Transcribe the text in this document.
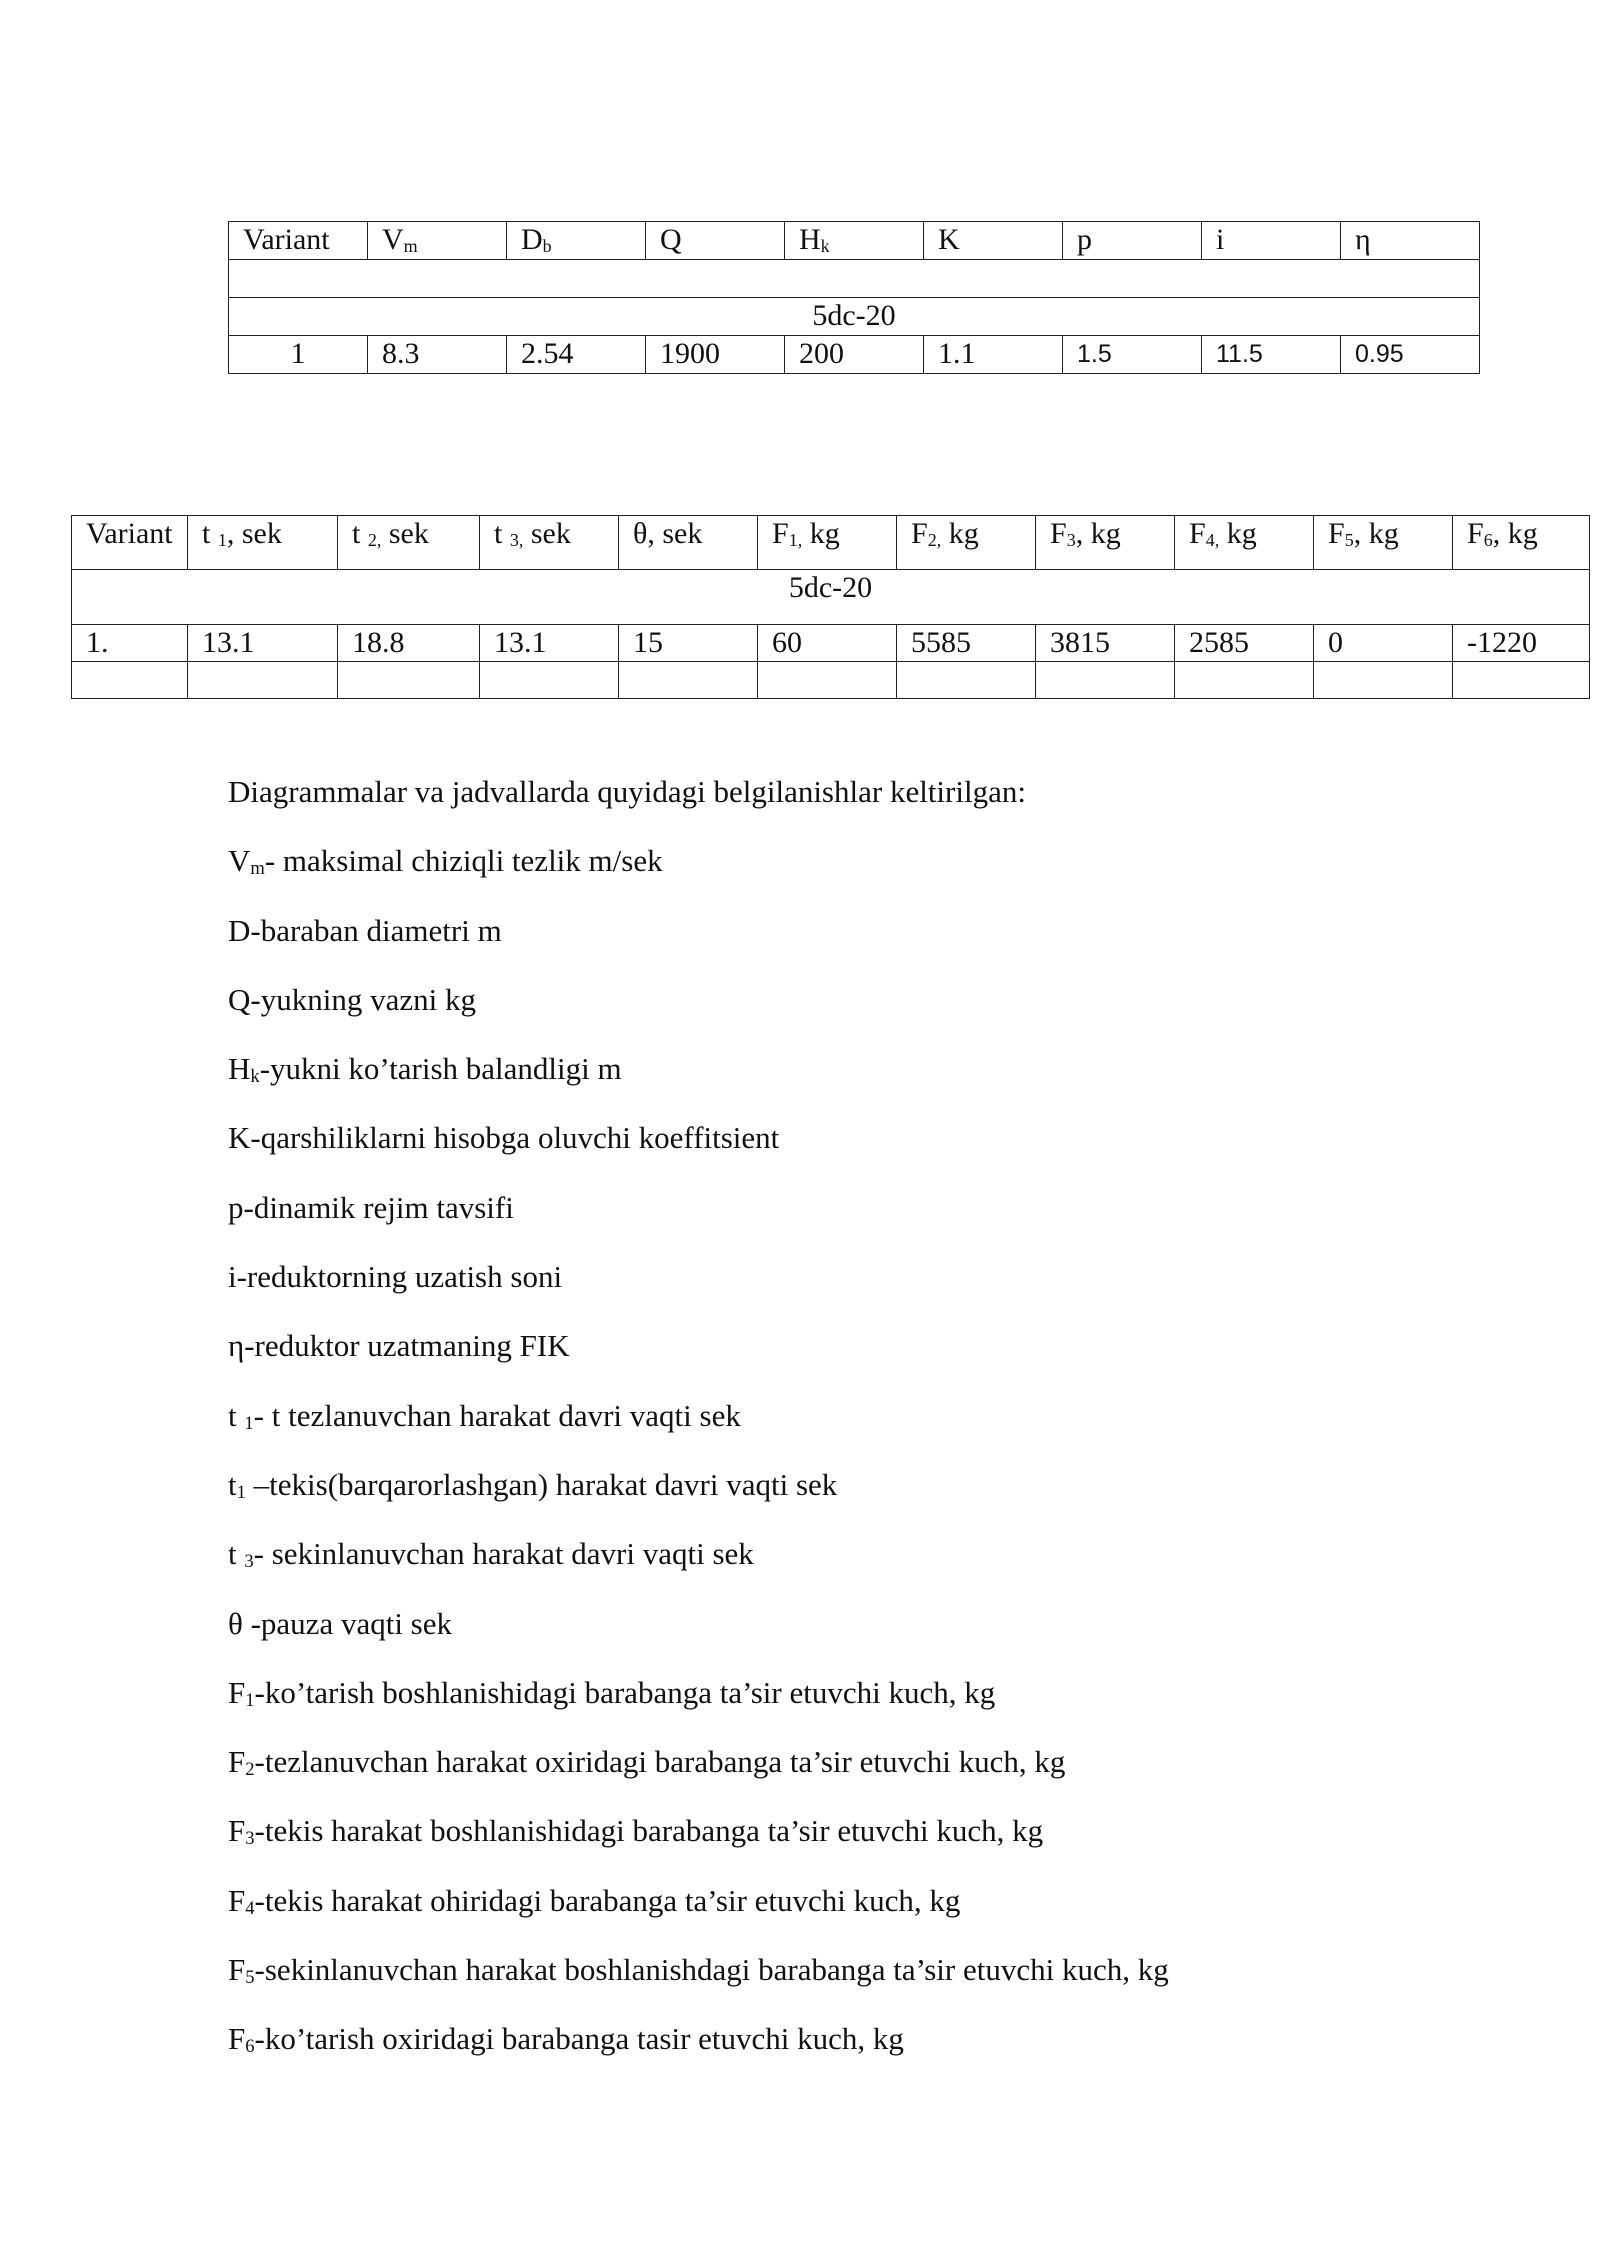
Variant	$V_m$	$D_b$	Q	$H_k$	K	p	i	η

5dc-20								
1	8.3	2.54	1900	200	1.1	1.5	11.5	0.95
Variant	t $_1$, sek	t $_{2,}$ sek	t $_{3,}$ sek	θ, sek	$F_{1,}$ kg	$F_{2,}$ kg	$F_3$, kg	$F_{4,}$ kg	$F_5$, kg	$F_6$, kg
5dc-20										
1.	13.1	18.8	13.1	15	60	5585	3815	2585	0	-1220

Diagrammalar va jadvallarda quyidagi belgilanishlar keltirilgan:

$V_m-$ maksimal chiziqli tezlik m/sek

D-baraban diametri m

Q-yukning vazni kg

$H_k$-yukni ko’tarish balandligi m

K-qarshiliklarni hisobga oluvchi koeffitsient

p-dinamik rejim tavsifi

i-reduktorning uzatish soni

η-reduktor uzatmaning FIK

t $_1$- t tezlanuvchan harakat davri vaqti sek

$t_1$ –tekis(barqarorlashgan) harakat davri vaqti sek

t $_3$- sekinlanuvchan harakat davri vaqti sek

θ -pauza vaqti sek

$F_1-ko’tarish$ boshlanishidagi barabanga ta’sir etuvchi kuch, kg

$F_2$-tezlanuvchan harakat oxiridagi barabanga ta’sir etuvchi kuch, kg

$F_3$-tekis harakat boshlanishidagi barabanga ta’sir etuvchi kuch, kg

$F_4$-tekis harakat ohiridagi barabanga ta’sir etuvchi kuch, kg

$F_5$-sekinlanuvchan harakat boshlanishdagi barabanga ta’sir etuvchi kuch, kg

$F_6-ko’tarish$ oxiridagi barabanga tasir etuvchi kuch, kg
